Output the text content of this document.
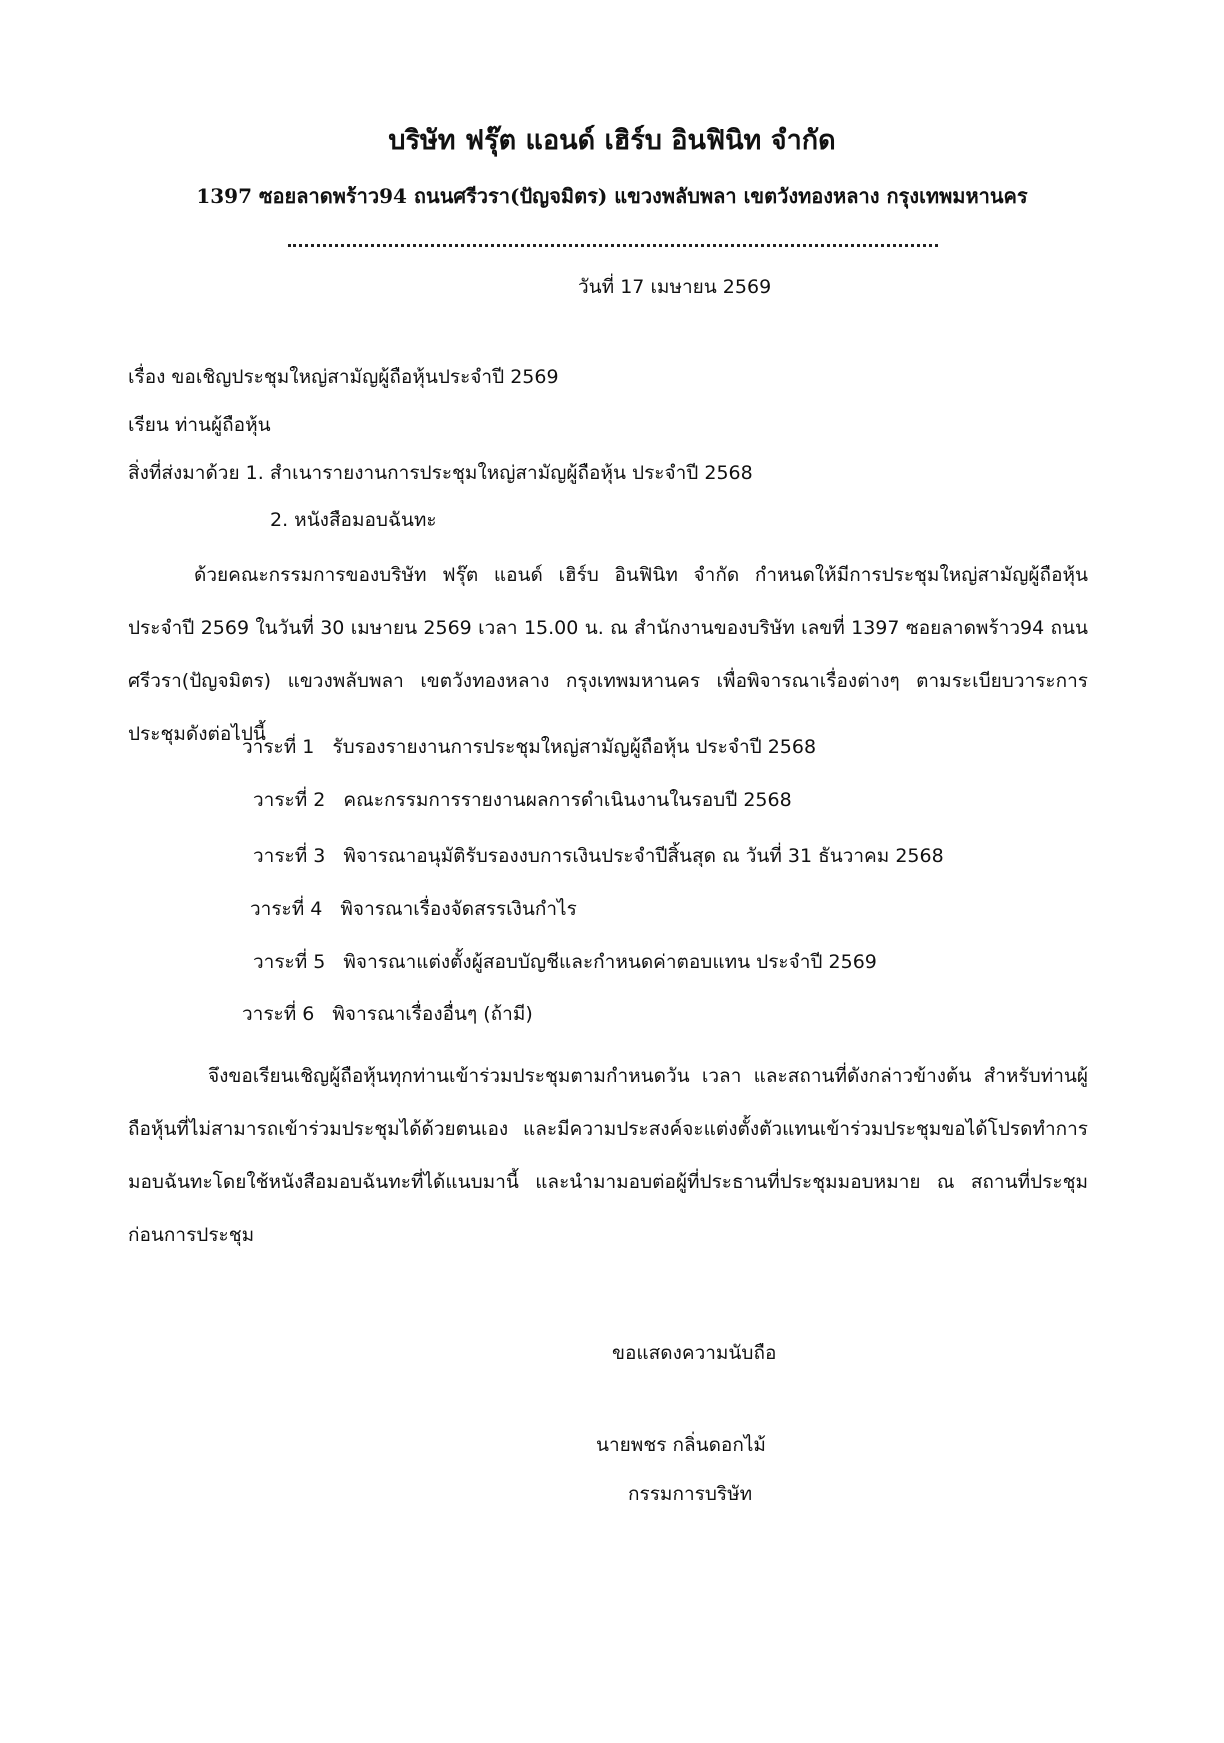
บริษัท ฟรุ๊ต แอนด์ เฮิร์บ อินฟินิท จำกัด
1397 ซอยลาดพร้าว94 ถนนศรีวรา(ปัญจมิตร) แขวงพลับพลา เขตวังทองหลาง กรุงเทพมหานคร
วันที่ 17 เมษายน 2569
เรื่อง ขอเชิญประชุมใหญ่สามัญผู้ถือหุ้นประจำปี 2569
เรียน ท่านผู้ถือหุ้น
สิ่งที่ส่งมาด้วย 1. สำเนารายงานการประชุมใหญ่สามัญผู้ถือหุ้น ประจำปี 2568
2. หนังสือมอบฉันทะ
ด้วยคณะกรรมการของบริษัท ฟรุ๊ต แอนด์ เฮิร์บ อินฟินิท จำกัด กำหนดให้มีการประชุมใหญ่สามัญผู้ถือหุ้น ประจำปี 2569 ในวันที่ 30 เมษายน 2569 เวลา 15.00 น. ณ สำนักงานของบริษัท เลขที่ 1397 ซอยลาดพร้าว94 ถนนศรีวรา(ปัญจมิตร) แขวงพลับพลา เขตวังทองหลาง กรุงเทพมหานคร เพื่อพิจารณาเรื่องต่างๆ ตามระเบียบวาระการประชุมดังต่อไปนี้
วาระที่ 1 รับรองรายงานการประชุมใหญ่สามัญผู้ถือหุ้น ประจำปี 2568
วาระที่ 2 คณะกรรมการรายงานผลการดำเนินงานในรอบปี 2568
วาระที่ 3 พิจารณาอนุมัติรับรองงบการเงินประจำปีสิ้นสุด ณ วันที่ 31 ธันวาคม 2568
วาระที่ 4 พิจารณาเรื่องจัดสรรเงินกำไร
วาระที่ 5 พิจารณาแต่งตั้งผู้สอบบัญชีและกำหนดค่าตอบแทน ประจำปี 2569
วาระที่ 6 พิจารณาเรื่องอื่นๆ (ถ้ามี)
จึงขอเรียนเชิญผู้ถือหุ้นทุกท่านเข้าร่วมประชุมตามกำหนดวัน เวลา และสถานที่ดังกล่าวข้างต้น สำหรับท่านผู้ถือหุ้นที่ไม่สามารถเข้าร่วมประชุมได้ด้วยตนเอง และมีความประสงค์จะแต่งตั้งตัวแทนเข้าร่วมประชุมขอได้โปรดทำการมอบฉันทะโดยใช้หนังสือมอบฉันทะที่ได้แนบมานี้ และนำมามอบต่อผู้ที่ประธานที่ประชุมมอบหมาย ณ สถานที่ประชุมก่อนการประชุม
ขอแสดงความนับถือ
นายพชร กลิ่นดอกไม้
กรรมการบริษัท
